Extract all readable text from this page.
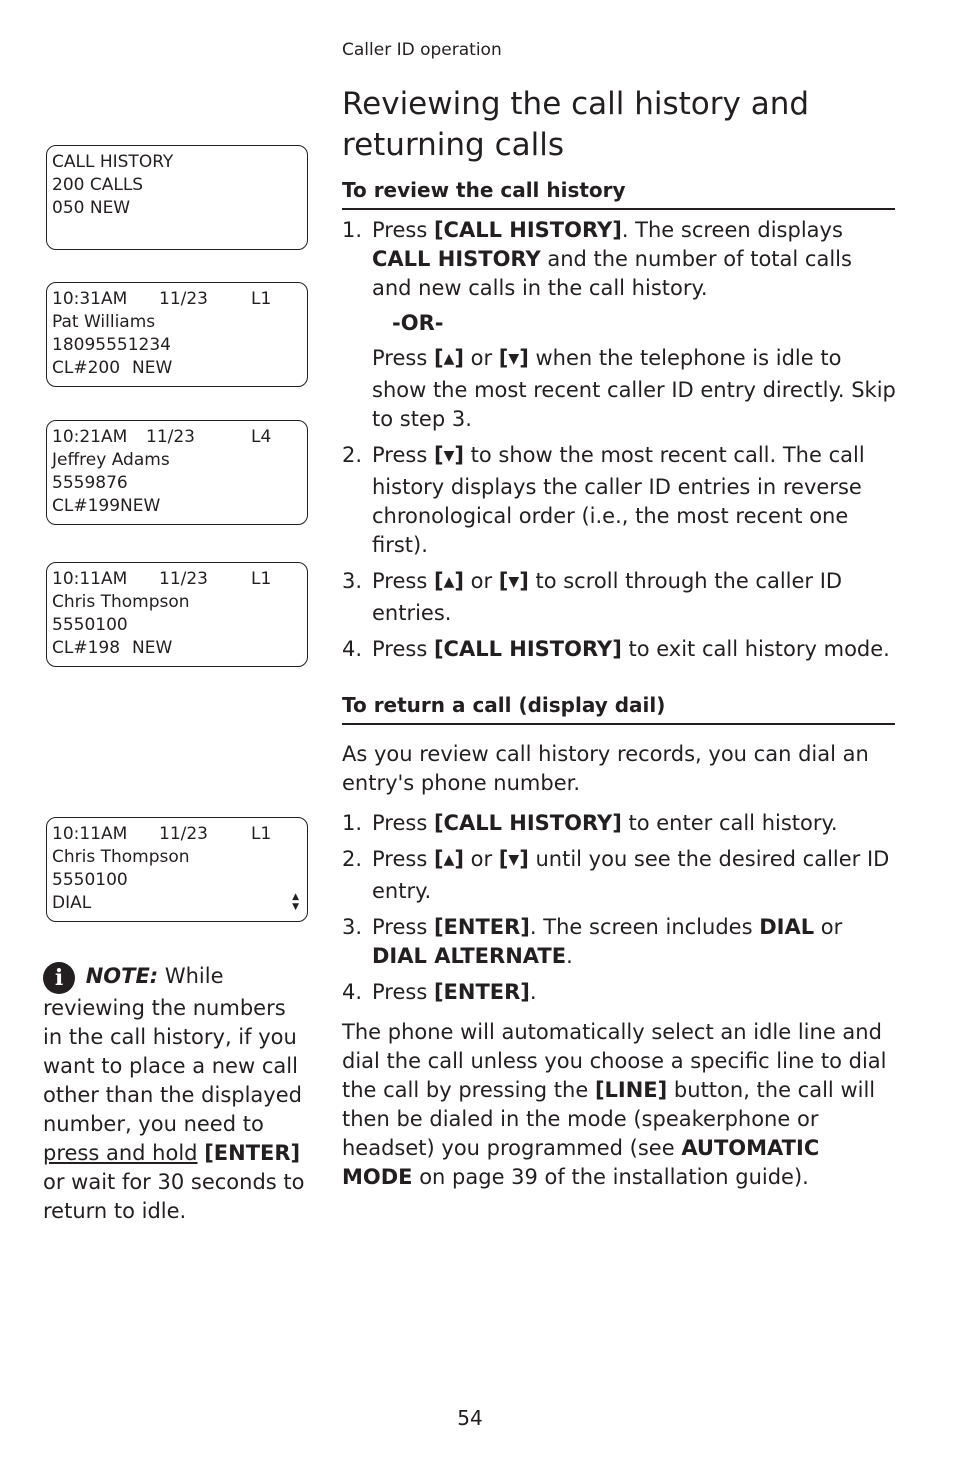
Caller ID operation
Reviewing the call history and
returning calls
To review the call history
1. Press [CALL HISTORY]. The screen displays CALL HISTORY and the number of total calls and new calls in the call history.

-OR-

Press [▲] or [▼] when the telephone is idle to show the most recent caller ID entry directly. Skip to step 3.

2. Press [▼] to show the most recent call. The call history displays the caller ID entries in reverse chronological order (i.e., the most recent one first).

3. Press [▲] or [▼] to scroll through the caller ID entries.

4. Press [CALL HISTORY] to exit call history mode.

To return a call (display dail)

As you review call history records, you can dial an entry's phone number.

1. Press [CALL HISTORY] to enter call history.

2. Press [▲] or [▼] until you see the desired caller ID entry.

3. Press [ENTER]. The screen includes DIAL or DIAL ALTERNATE.

4. Press [ENTER].

The phone will automatically select an idle line and dial the call unless you choose a specific line to dial the call by pressing the [LINE] button, the call will then be dialed in the mode (speakerphone or headset) you programmed (see AUTOMATIC MODE on page 39 of the installation guide).

CALL HISTORY
200 CALLS
050 NEW
10:31AM 11/23	L1
Pat Williams
18095551234
CL#200 NEW
10:21AM 11/23	L4
Jeffrey Adams
5559876
CL#199 NEW
10:11AM 11/23	L1
Chris Thompson
5550100
CL#198 NEW
10:11AM 11/23	L1
Chris Thompson
5550100
DIAL	▲
▼
i NOTE: While reviewing the numbers in the call history, if you want to place a new call other than the displayed number, you need to press and hold [ENTER] or wait for 30 seconds to return to idle.
54
